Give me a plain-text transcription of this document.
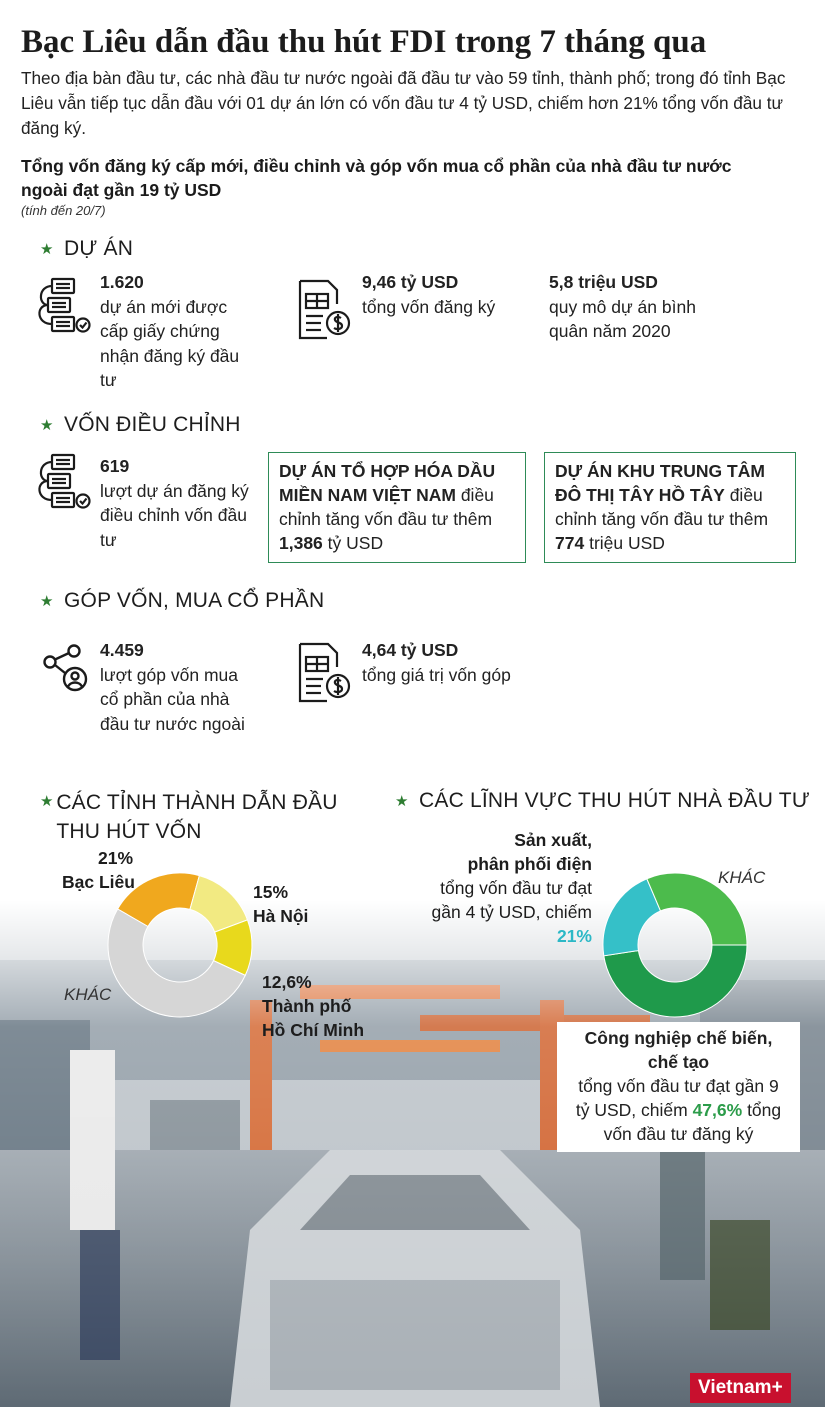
Bạc Liêu dẫn đầu thu hút FDI trong 7 tháng qua
Theo địa bàn đầu tư, các nhà đầu tư nước ngoài đã đầu tư vào 59 tỉnh, thành phố; trong đó tỉnh Bạc Liêu vẫn tiếp tục dẫn đầu với 01 dự án lớn có vốn đầu tư 4 tỷ USD, chiếm hơn 21% tổng vốn đầu tư đăng ký.
Tổng vốn đăng ký cấp mới, điều chỉnh và góp vốn mua cổ phần của nhà đầu tư nước ngoài đạt gần 19 tỷ USD
(tính đến 20/7)
★ DỰ ÁN
1.620
dự án mới được cấp giấy chứng nhận đăng ký đầu tư
9,46 tỷ USD
tổng vốn đăng ký
5,8 triệu USD
quy mô dự án bình quân năm 2020
★ VỐN ĐIỀU CHỈNH
619
lượt dự án đăng ký điều chỉnh vốn đầu tư
DỰ ÁN TỔ HỢP HÓA DẦU MIỀN NAM VIỆT NAM điều chỉnh tăng vốn đầu tư thêm 1,386 tỷ USD
DỰ ÁN KHU TRUNG TÂM ĐÔ THỊ TÂY HỒ TÂY điều chỉnh tăng vốn đầu tư thêm 774 triệu USD
★ GÓP VỐN, MUA CỔ PHẦN
4.459
lượt góp vốn mua cổ phần của nhà đầu tư nước ngoài
4,64 tỷ USD
tổng giá trị vốn góp
★ CÁC TỈNH THÀNH DẪN ĐẦU THU HÚT VỐN
★ CÁC LĨNH VỰC THU HÚT NHÀ ĐẦU TƯ
21%
Bạc Liêu	15%
Hà Nội
12,6%
Thành phố
Hồ Chí Minh
KHÁC
Sản xuất,
phân phối điện
tổng vốn đầu tư đạt
gần 4 tỷ USD, chiếm
21%
KHÁC
Công nghiệp chế biến,
chế tạo
tổng vốn đầu tư đạt gần 9
tỷ USD, chiếm 47,6% tổng
vốn đầu tư đăng ký
Vietnam+
